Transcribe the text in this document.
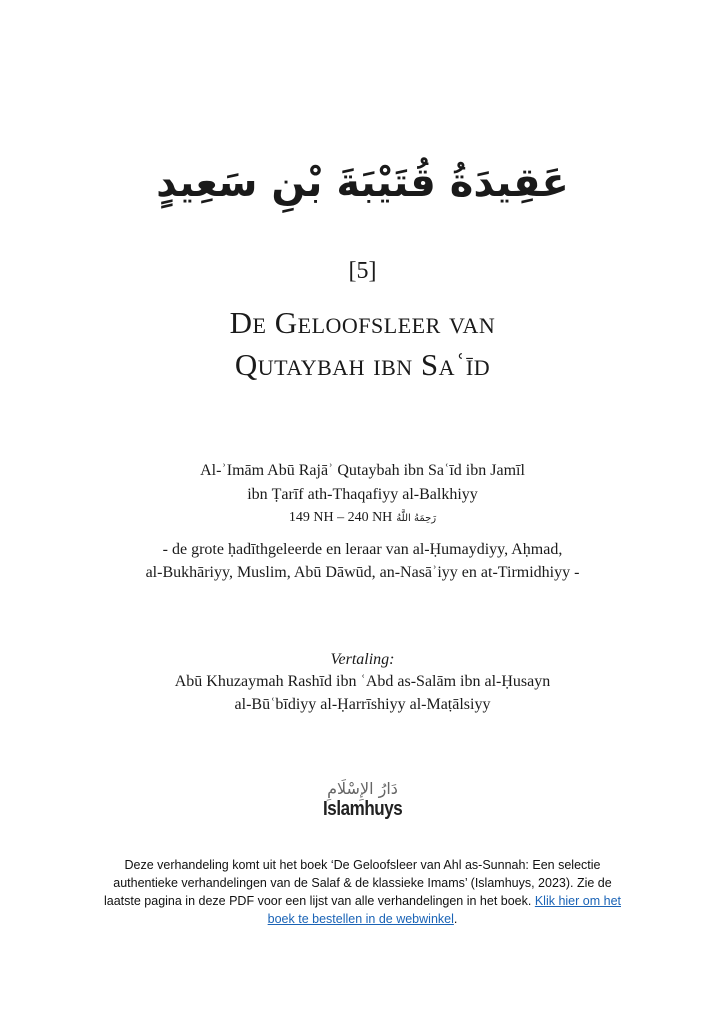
عَقِيدَةُ قُتَيْبَةَ بْنِ سَعِيدٍ
[5]
De Geloofsleer van
Qutaybah ibn Saʿīd
Al-ʾImām Abū Rajāʾ Qutaybah ibn Saʿīd ibn Jamīl
ibn Ṭarīf ath-Thaqafiyy al-Balkhiyy
149 NH – 240 NH رَحِمَهُ اللَّهُ
- de grote ḥadīthgeleerde en leraar van al-Ḥumaydiyy, Aḥmad,
al-Bukhāriyy, Muslim, Abū Dāwūd, an-Nasāʾiyy en at-Tirmidhiyy -
Vertaling:
Abū Khuzaymah Rashīd ibn ʿAbd as-Salām ibn al-Ḥusayn
al-Būʿbīdiyy al-Ḥarrīshiyy al-Maṭālsiyy
دَارُ الإِسْلَامِ
Islamhuys
Deze verhandeling komt uit het boek ‘De Geloofsleer van Ahl as-Sunnah: Een selectie authentieke verhandelingen van de Salaf & de klassieke Imams’ (Islamhuys, 2023). Zie de laatste pagina in deze PDF voor een lijst van alle verhandelingen in het boek. Klik hier om het boek te bestellen in de webwinkel.
